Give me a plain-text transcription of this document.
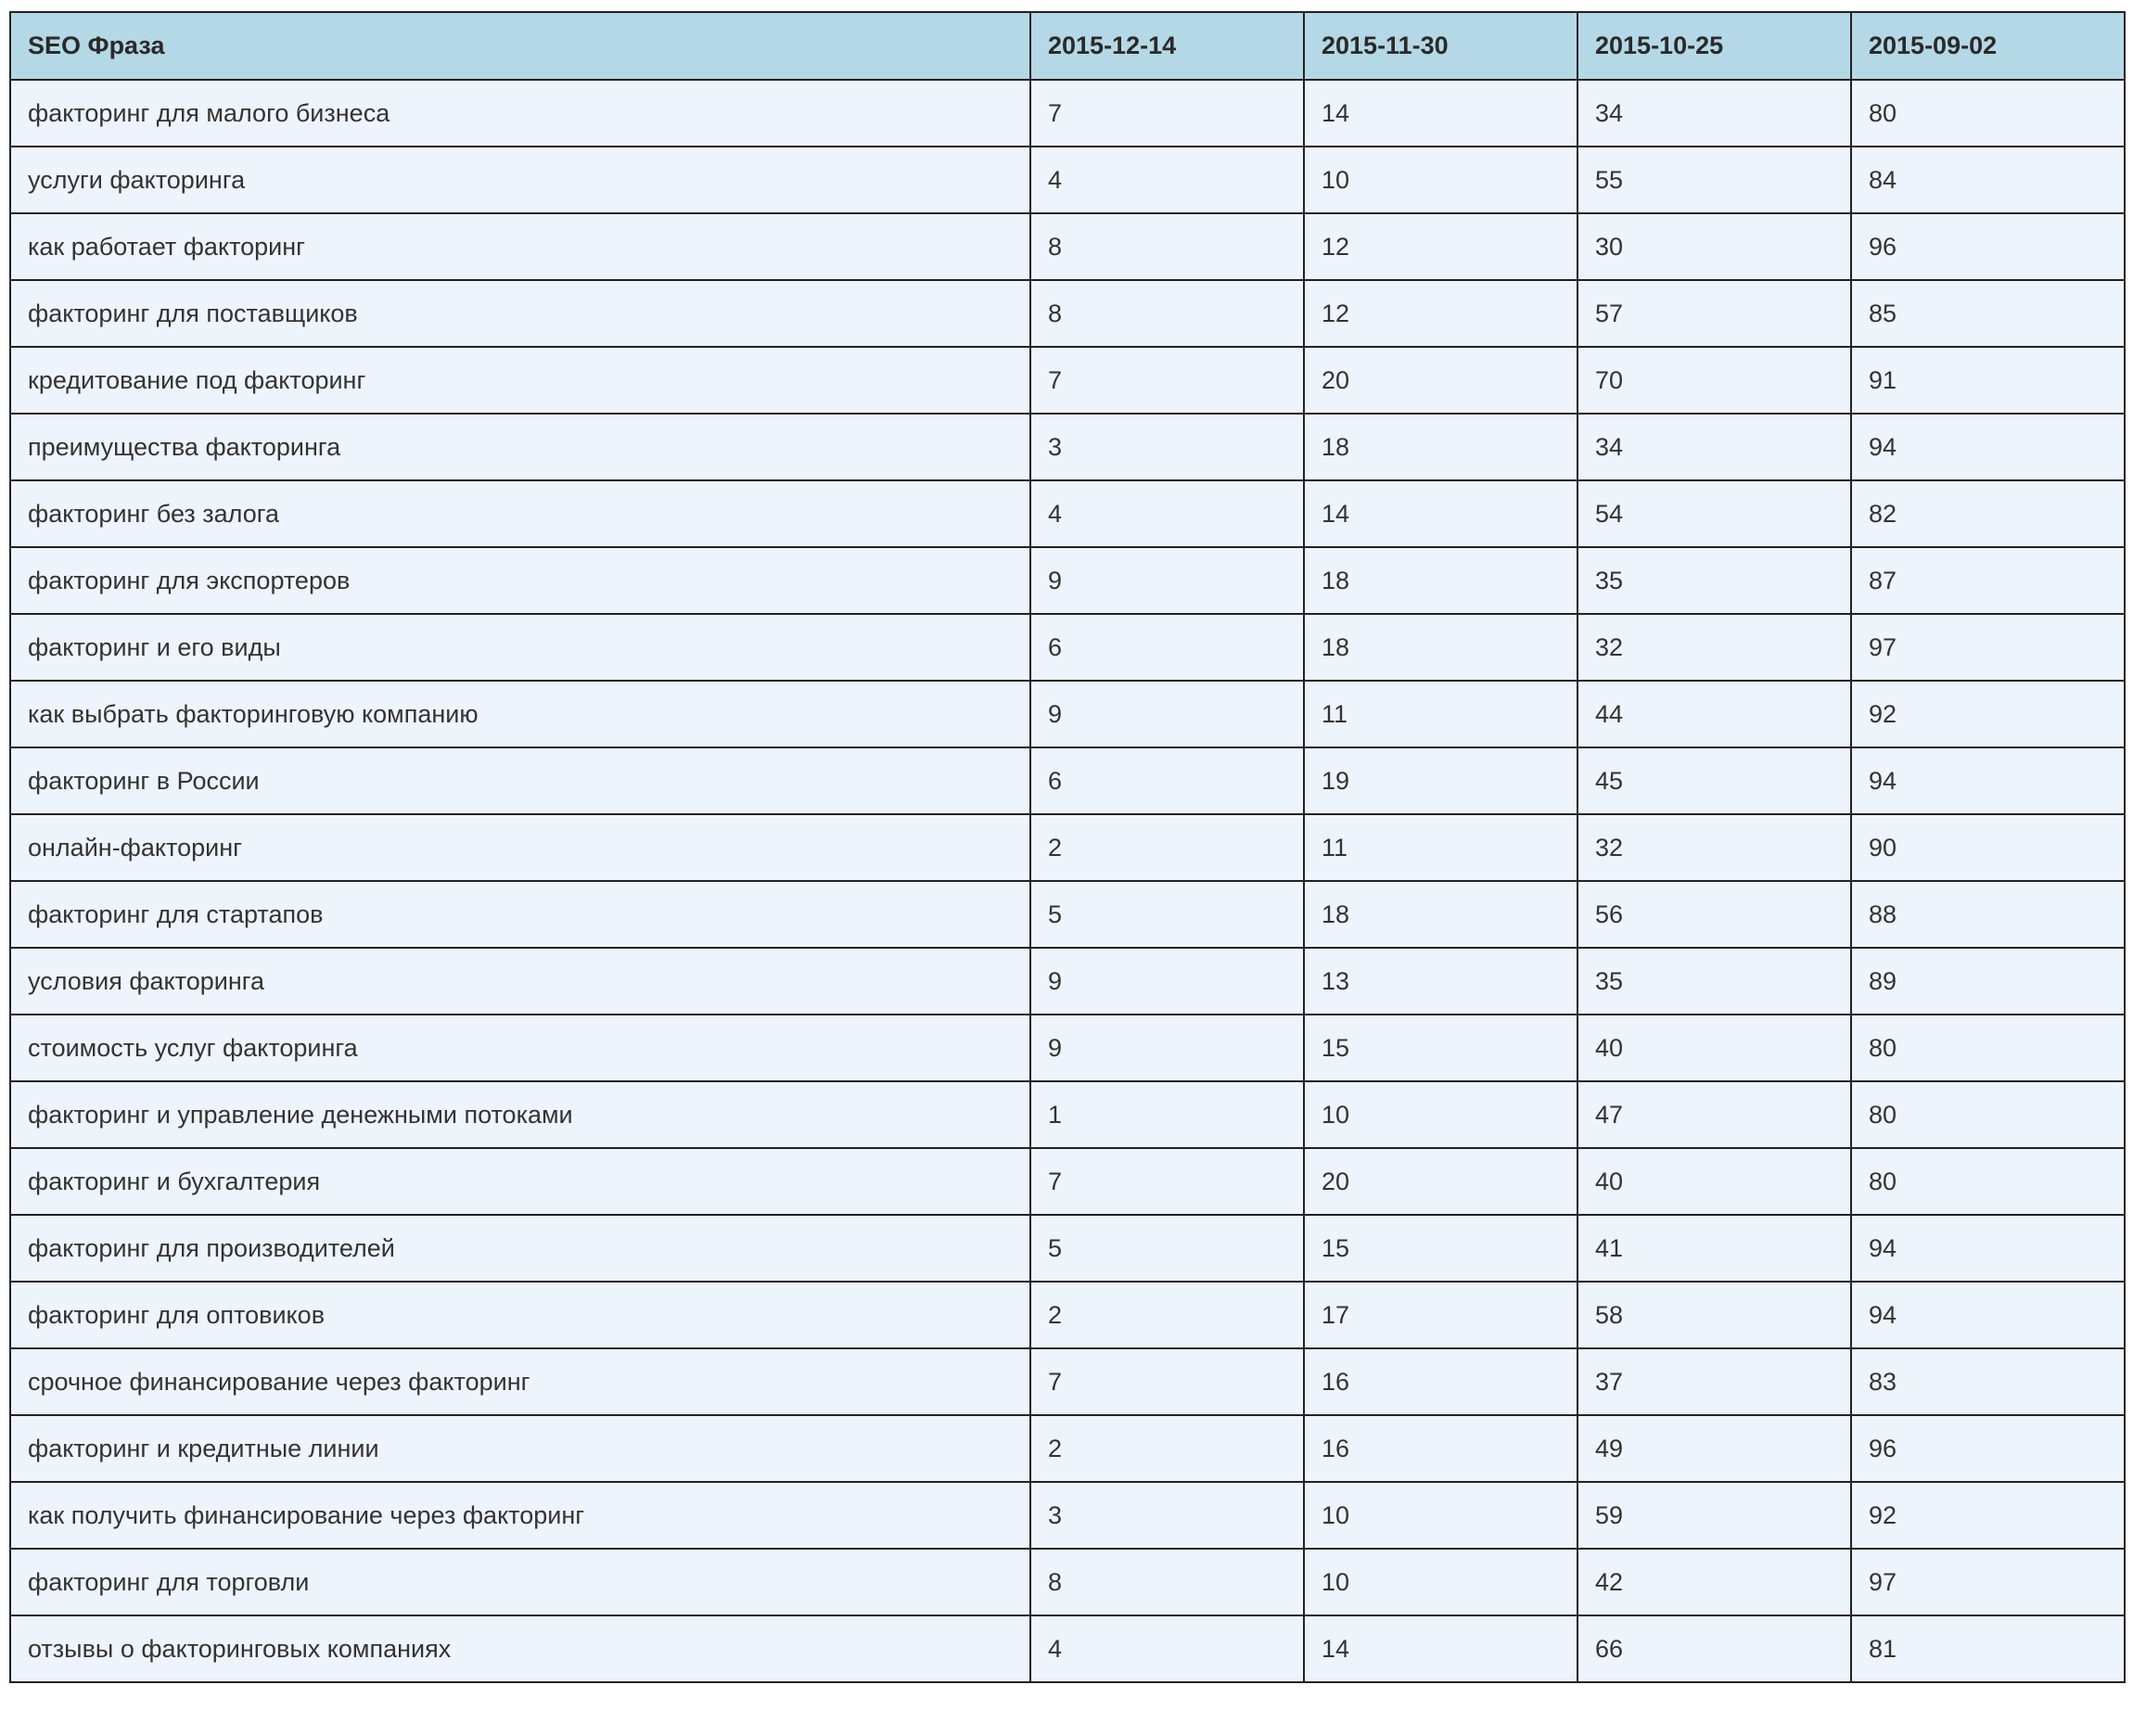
SEO Фраза	2015-12-14	2015-11-30	2015-10-25	2015-09-02
факторинг для малого бизнеса	7	14	34	80
услуги факторинга	4	10	55	84
как работает факторинг	8	12	30	96
факторинг для поставщиков	8	12	57	85
кредитование под факторинг	7	20	70	91
преимущества факторинга	3	18	34	94
факторинг без залога	4	14	54	82
факторинг для экспортеров	9	18	35	87
факторинг и его виды	6	18	32	97
как выбрать факторинговую компанию	9	11	44	92
факторинг в России	6	19	45	94
онлайн-факторинг	2	11	32	90
факторинг для стартапов	5	18	56	88
условия факторинга	9	13	35	89
стоимость услуг факторинга	9	15	40	80
факторинг и управление денежными потоками	1	10	47	80
факторинг и бухгалтерия	7	20	40	80
факторинг для производителей	5	15	41	94
факторинг для оптовиков	2	17	58	94
срочное финансирование через факторинг	7	16	37	83
факторинг и кредитные линии	2	16	49	96
как получить финансирование через факторинг	3	10	59	92
факторинг для торговли	8	10	42	97
отзывы о факторинговых компаниях	4	14	66	81
